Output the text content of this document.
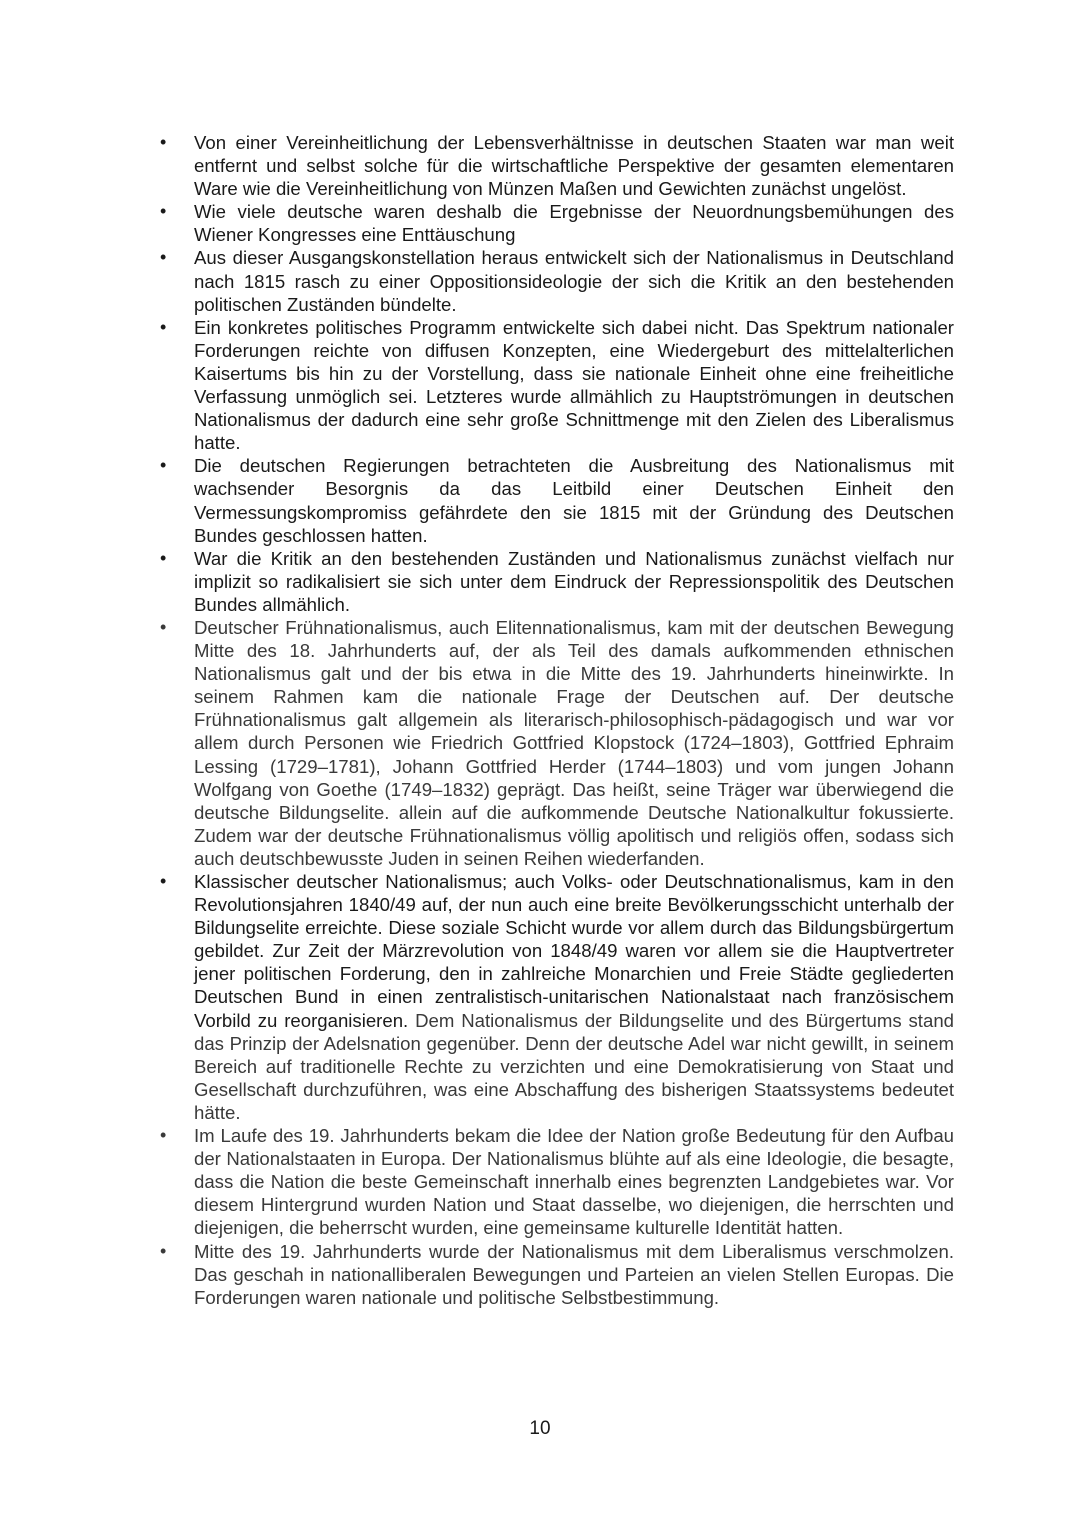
•	Von einer Vereinheitlichung der Lebensverhältnisse in deutschen Staaten war man weit entfernt und selbst solche für die wirtschaftliche Perspektive der gesamten elementaren Ware wie die Vereinheitlichung von Münzen Maßen und Gewichten zunächst ungelöst.
•	Wie viele deutsche waren deshalb die Ergebnisse der Neuordnungsbemühungen des Wiener Kongresses eine Enttäuschung
•	Aus dieser Ausgangskonstellation heraus entwickelt sich der Nationalismus in Deutschland nach 1815 rasch zu einer Oppositionsideologie der sich die Kritik an den bestehenden politischen Zuständen bündelte.
•	Ein konkretes politisches Programm entwickelte sich dabei nicht. Das Spektrum nationaler Forderungen reichte von diffusen Konzepten, eine Wiedergeburt des mittelalterlichen Kaisertums bis hin zu der Vorstellung, dass sie nationale Einheit ohne eine freiheitliche Verfassung unmöglich sei. Letzteres wurde allmählich zu Hauptströmungen in deutschen Nationalismus der dadurch eine sehr große Schnittmenge mit den Zielen des Liberalismus hatte.
•	Die deutschen Regierungen betrachteten die Ausbreitung des Nationalismus mit wachsender Besorgnis da das Leitbild einer Deutschen Einheit den Vermessungskompromiss gefährdete den sie 1815 mit der Gründung des Deutschen Bundes geschlossen hatten.
•	War die Kritik an den bestehenden Zuständen und Nationalismus zunächst vielfach nur implizit so radikalisiert sie sich unter dem Eindruck der Repressionspolitik des Deutschen Bundes allmählich.
•	Deutscher Frühnationalismus, auch Elitennationalismus, kam mit der deutschen Bewegung Mitte des 18. Jahrhunderts auf, der als Teil des damals aufkommenden ethnischen Nationalismus galt und der bis etwa in die Mitte des 19. Jahrhunderts hineinwirkte. In seinem Rahmen kam die nationale Frage der Deutschen auf. Der deutsche Frühnationalismus galt allgemein als literarisch-philosophisch-pädagogisch und war vor allem durch Personen wie Friedrich Gottfried Klopstock (1724–1803), Gottfried Ephraim Lessing (1729–1781), Johann Gottfried Herder (1744–1803) und vom jungen Johann Wolfgang von Goethe (1749–1832) geprägt. Das heißt, seine Träger war überwiegend die deutsche Bildungselite. allein auf die aufkommende Deutsche Nationalkultur fokussierte. Zudem war der deutsche Frühnationalismus völlig apolitisch und religiös offen, sodass sich auch deutschbewusste Juden in seinen Reihen wiederfanden.
•	Klassischer deutscher Nationalismus; auch Volks- oder Deutschnationalismus, kam in den Revolutionsjahren 1840/49 auf, der nun auch eine breite Bevölkerungsschicht unterhalb der Bildungselite erreichte. Diese soziale Schicht wurde vor allem durch das Bildungsbürgertum gebildet. Zur Zeit der Märzrevolution von 1848/49 waren vor allem sie die Hauptvertreter jener politischen Forderung, den in zahlreiche Monarchien und Freie Städte gegliederten Deutschen Bund in einen zentralistisch-unitarischen Nationalstaat nach französischem Vorbild zu reorganisieren. Dem Nationalismus der Bildungselite und des Bürgertums stand das Prinzip der Adelsnation gegenüber. Denn der deutsche Adel war nicht gewillt, in seinem Bereich auf traditionelle Rechte zu verzichten und eine Demokratisierung von Staat und Gesellschaft durchzuführen, was eine Abschaffung des bisherigen Staatssystems bedeutet hätte.
•	Im Laufe des 19. Jahrhunderts bekam die Idee der Nation große Bedeutung für den Aufbau der Nationalstaaten in Europa. Der Nationalismus blühte auf als eine Ideologie, die besagte, dass die Nation die beste Gemeinschaft innerhalb eines begrenzten Landgebietes war. Vor diesem Hintergrund wurden Nation und Staat dasselbe, wo diejenigen, die herrschten und diejenigen, die beherrscht wurden, eine gemeinsame kulturelle Identität hatten.
•	Mitte des 19. Jahrhunderts wurde der Nationalismus mit dem Liberalismus verschmolzen. Das geschah in nationalliberalen Bewegungen und Parteien an vielen Stellen Europas. Die Forderungen waren nationale und politische Selbstbestimmung.
10
